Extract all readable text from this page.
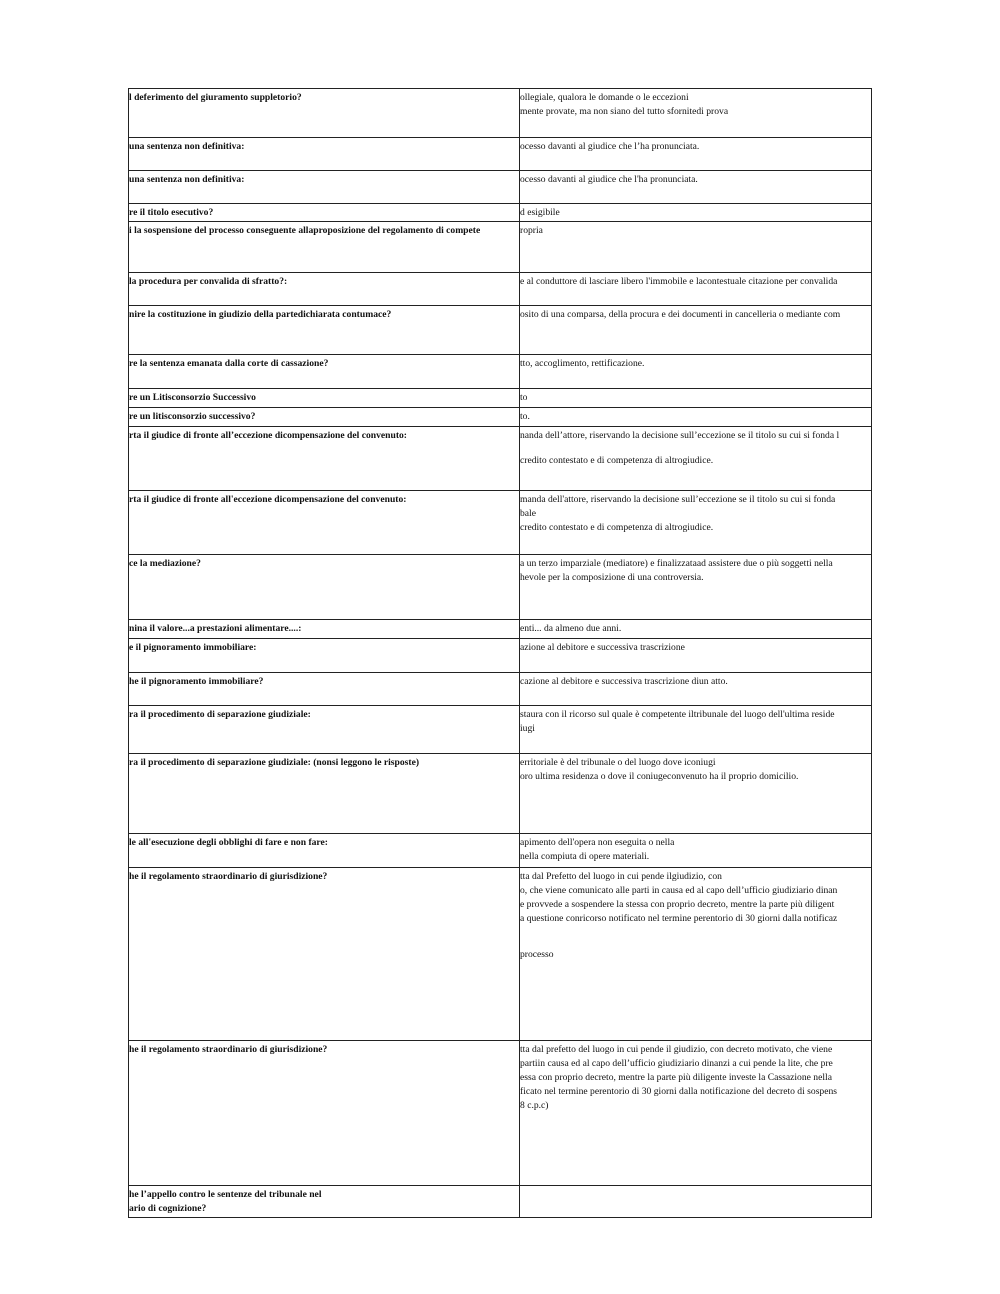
l deferimento del giuramento suppletorio?	ollegiale, qualora le domande o le eccezioni
mente provate, ma non siano del tutto sfornitedi prova

una sentenza non definitiva:	ocesso davanti al giudice che l’ha pronunciata.

una sentenza non definitiva:	ocesso davanti al giudice che l'ha pronunciata.

re il titolo esecutivo?	d esigibile

i la sospensione del processo conseguente allaproposizione del regolamento di compete	ropria

la procedura per convalida di sfratto?:	e al conduttore di lasciare libero l'immobile e lacontestuale citazione per convalida

nire la costituzione in giudizio della partedichiarata contumace?	osito di una comparsa, della procura e dei documenti in cancelleria o mediante com

re la sentenza emanata dalla corte di cassazione?	tto, accoglimento, rettificazione.

re un Litisconsorzio Successivo	to

re un litisconsorzio successivo?	to.

rta il giudice di fronte all’eccezione dicompensazione del convenuto:	nanda dell’attore, riservando la decisione sull’eccezione se il titolo su cui si fonda l
credito contestato e di competenza di altrogiudice.

rta il giudice di fronte all'eccezione dicompensazione del convenuto:	manda dell'attore, riservando la decisione sull’eccezione se il titolo su cui si fonda
bale
credito contestato e di competenza di altrogiudice.

ce la mediazione?	a un terzo imparziale (mediatore) e finalizzataad assistere due o più soggetti nella
hevole per la composizione di una controversia.

nina il valore...a prestazioni alimentare....:	enti... da almeno due anni.

e il pignoramento immobiliare:	azione al debitore e successiva trascrizione

he il pignoramento immobiliare?	cazione al debitore e successiva trascrizione diun atto.

ra il procedimento di separazione giudiziale:	staura con il ricorso sul quale è competente iltribunale del luogo dell'ultima reside
iugi

ra il procedimento di separazione giudiziale: (nonsi leggono le risposte)	erritoriale è del tribunale o del luogo dove iconiugi
oro ultima residenza o dove il coniugeconvenuto ha il proprio domicilio.

le all'esecuzione degli obblighi di fare e non fare:	apimento dell'opera non eseguita o nella
nella compiuta di opere materiali.

he il regolamento straordinario di giurisdizione?	tta dal Prefetto del luogo in cui pende ilgiudizio, con
o, che viene comunicato alle parti in causa ed al capo dell’ufficio giudiziario dinan
e provvede a sospendere la stessa con proprio decreto, mentre la parte più diligent
a questione conricorso notificato nel termine perentorio di 30 giorni dalla notificaz
processo

he il regolamento straordinario di giurisdizione?	tta dal prefetto del luogo in cui pende il giudizio, con decreto motivato, che viene
partiin causa ed al capo dell’ufficio giudiziario dinanzi a cui pende la lite, che pre
essa con proprio decreto, mentre la parte più diligente investe la Cassazione nella
ficato nel termine perentorio di 30 giorni dalla notificazione del decreto di sospens
8 c.p.c)

he l’appello contro le sentenze del tribunale nel
ario di cognizione?	
